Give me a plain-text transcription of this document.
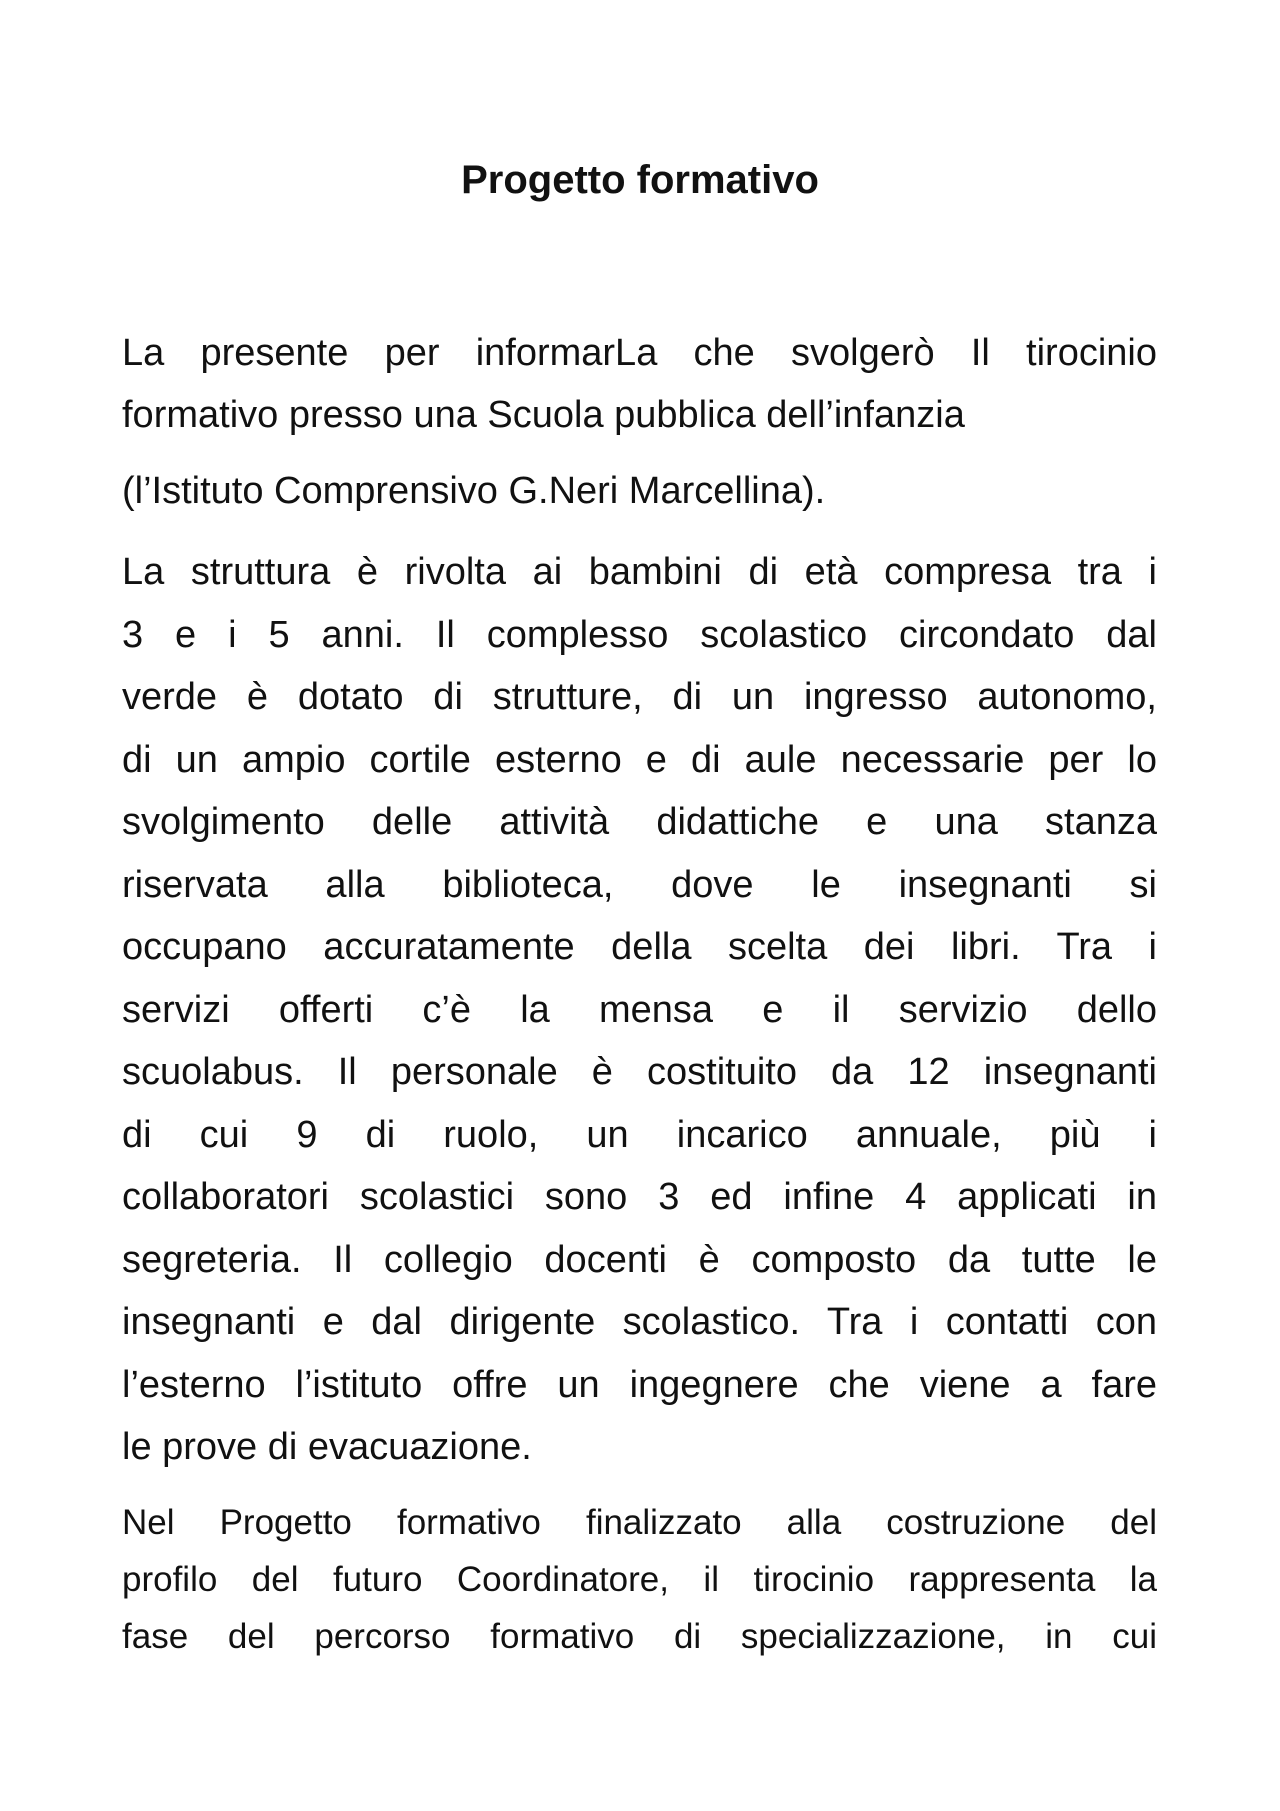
Progetto formativo

La presente per informarLa che svolgerò Il tirocinio
formativo presso una Scuola pubblica dell’infanzia

(l’Istituto Comprensivo G.Neri Marcellina).

La struttura è rivolta ai bambini di età compresa tra i
3 e i 5 anni. Il complesso scolastico circondato dal
verde è dotato di strutture, di un ingresso autonomo,
di un ampio cortile esterno e di aule necessarie per lo
svolgimento delle attività didattiche e una stanza
riservata alla biblioteca, dove le insegnanti si
occupano accuratamente della scelta dei libri. Tra i
servizi offerti c’è la mensa e il servizio dello
scuolabus. Il personale è costituito da 12 insegnanti
di cui 9 di ruolo, un incarico annuale, più i
collaboratori scolastici sono 3 ed infine 4 applicati in
segreteria. Il collegio docenti è composto da tutte le
insegnanti e dal dirigente scolastico. Tra i contatti con
l’esterno l’istituto offre un ingegnere che viene a fare
le prove di evacuazione.

Nel Progetto formativo finalizzato alla costruzione del
profilo del futuro Coordinatore, il tirocinio rappresenta la
fase del percorso formativo di specializzazione, in cui
